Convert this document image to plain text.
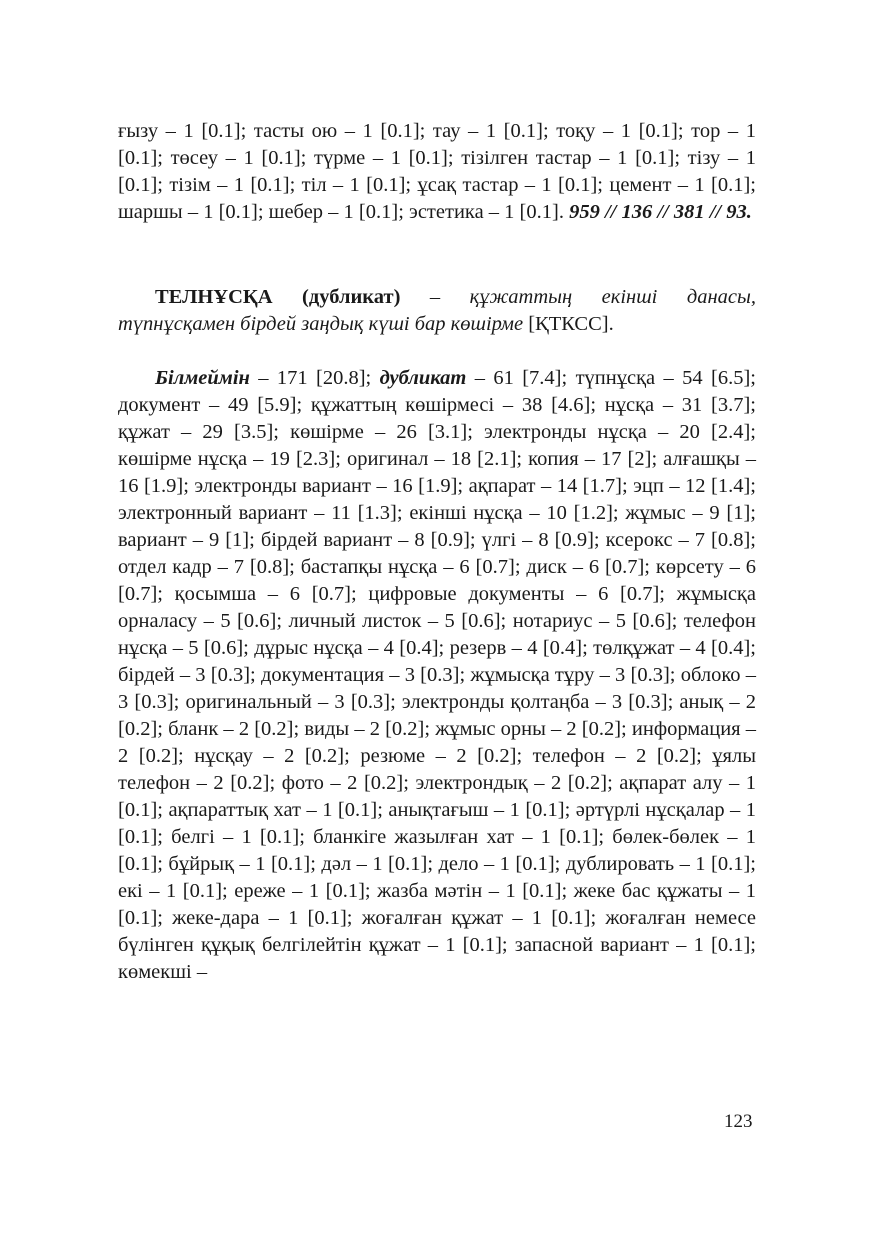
ғызу – 1 [0.1]; тасты ою – 1 [0.1]; тау – 1 [0.1]; тоқу – 1 [0.1]; тор – 1 [0.1]; төсеу – 1 [0.1]; түрме – 1 [0.1]; тізілген тастар – 1 [0.1]; тізу – 1 [0.1]; тізім – 1 [0.1]; тіл – 1 [0.1]; ұсақ тастар – 1 [0.1]; цемент – 1 [0.1]; шаршы – 1 [0.1]; шебер – 1 [0.1]; эстетика – 1 [0.1]. 959 // 136 // 381 // 93.

ТЕЛНҰСҚА (дубликат) – құжаттың екінші данасы, түпнұсқамен бірдей заңдық күші бар көшірме [ҚТКСС].

Білмеймін – 171 [20.8]; дубликат – 61 [7.4]; түпнұсқа – 54 [6.5]; документ – 49 [5.9]; құжаттың көшірмесі – 38 [4.6]; нұсқа – 31 [3.7]; құжат – 29 [3.5]; көшірме – 26 [3.1]; электронды нұсқа – 20 [2.4]; көшірме нұсқа – 19 [2.3]; оригинал – 18 [2.1]; копия – 17 [2]; алғашқы – 16 [1.9]; электронды вариант – 16 [1.9]; ақпарат – 14 [1.7]; эцп – 12 [1.4]; электронный вариант – 11 [1.3]; екінші нұсқа – 10 [1.2]; жұмыс – 9 [1]; вариант – 9 [1]; бірдей вариант – 8 [0.9]; үлгі – 8 [0.9]; ксерокс – 7 [0.8]; отдел кадр – 7 [0.8]; бастапқы нұсқа – 6 [0.7]; диск – 6 [0.7]; көрсету – 6 [0.7]; қосымша – 6 [0.7]; цифровые документы – 6 [0.7]; жұмысқа орналасу – 5 [0.6]; личный листок – 5 [0.6]; нотариус – 5 [0.6]; телефон нұсқа – 5 [0.6]; дұрыс нұсқа – 4 [0.4]; резерв – 4 [0.4]; төлқұжат – 4 [0.4]; бірдей – 3 [0.3]; документация – 3 [0.3]; жұмысқа тұру – 3 [0.3]; облоко – 3 [0.3]; оригинальный – 3 [0.3]; электронды қолтаңба – 3 [0.3]; анық – 2 [0.2]; бланк – 2 [0.2]; виды – 2 [0.2]; жұмыс орны – 2 [0.2]; информация – 2 [0.2]; нұсқау – 2 [0.2]; резюме – 2 [0.2]; телефон – 2 [0.2]; ұялы телефон – 2 [0.2]; фото – 2 [0.2]; электрондық – 2 [0.2]; ақпарат алу – 1 [0.1]; ақпараттық хат – 1 [0.1]; анықтағыш – 1 [0.1]; әртүрлі нұсқалар – 1 [0.1]; белгі – 1 [0.1]; бланкіге жазылған хат – 1 [0.1]; бөлек-бөлек – 1 [0.1]; бұйрық – 1 [0.1]; дәл – 1 [0.1]; дело – 1 [0.1]; дублировать – 1 [0.1]; екі – 1 [0.1]; ереже – 1 [0.1]; жазба мәтін – 1 [0.1]; жеке бас құжаты – 1 [0.1]; жеке-дара – 1 [0.1]; жоғалған құжат – 1 [0.1]; жоғалған немесе бүлінген құқық белгілейтін құжат – 1 [0.1]; запасной вариант – 1 [0.1]; көмекші –

123
